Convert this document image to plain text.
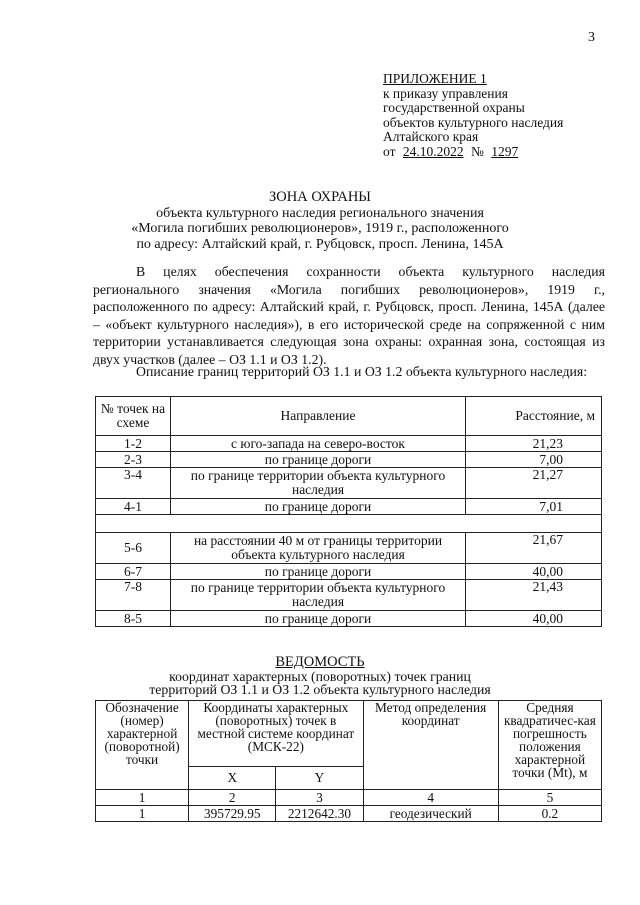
3
ПРИЛОЖЕНИЕ 1
к приказу управления
государственной охраны
объектов культурного наследия
Алтайского края
от 24.10.2022 № 1297
ЗОНА ОХРАНЫ
объекта культурного наследия регионального значения
«Могила погибших революционеров», 1919 г., расположенного
по адресу: Алтайский край, г. Рубцовск, просп. Ленина, 145А
В целях обеспечения сохранности объекта культурного наследия регионального значения «Могила погибших революционеров», 1919 г., расположенного по адресу: Алтайский край, г. Рубцовск, просп. Ленина, 145А (далее – «объект культурного наследия»), в его исторической среде на сопряженной с ним территории устанавливается следующая зона охраны: охранная зона, состоящая из двух участков (далее – ОЗ 1.1 и ОЗ 1.2).
Описание границ территорий ОЗ 1.1 и ОЗ 1.2 объекта культурного наследия:
№ точек на схеме	Направление	Расстояние, м
1-2	с юго-запада на северо-восток	21,23
2-3	по границе дороги	7,00
3-4	по границе территории объекта культурного наследия	21,27
4-1	по границе дороги	7,01

5-6	на расстоянии 40 м от границы территории объекта культурного наследия	21,67
6-7	по границе дороги	40,00
7-8	по границе территории объекта культурного наследия	21,43
8-5	по границе дороги	40,00
ВЕДОМОСТЬ
координат характерных (поворотных) точек границ
территорий ОЗ 1.1 и ОЗ 1.2 объекта культурного наследия
Обозначение (номер) характерной (поворотной) точки	Координаты характерных (поворотных) точек в местной системе координат (МСК-22)		Метод определения координат	Средняя квадратичес-кая погрешность положения характерной точки (Mt), м
	X	Y		
1	2	3	4	5
1	395729.95	2212642.30	геодезический	0.2
